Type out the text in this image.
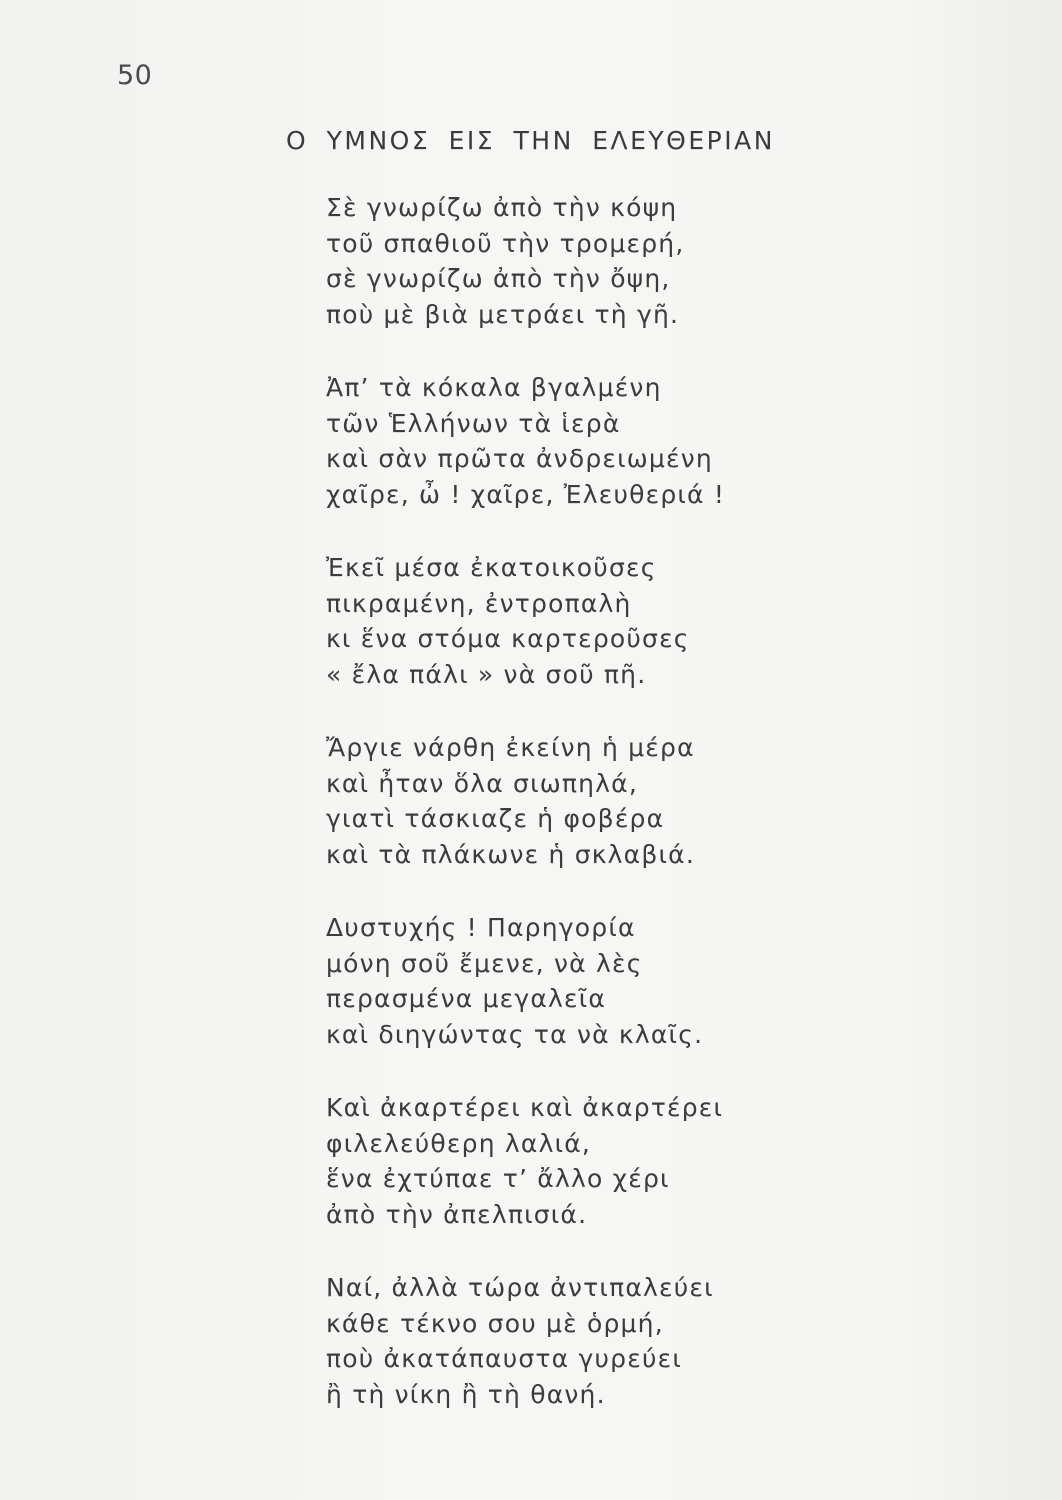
50
Ο ΥΜΝΟΣ ΕΙΣ ΤΗΝ ΕΛΕΥΘΕΡΙΑΝ
Σὲ γνωρίζω ἀπὸ τὴν κόψη
τοῦ σπαθιοῦ τὴν τρομερή,
σὲ γνωρίζω ἀπὸ τὴν ὄψη,
ποὺ μὲ βιὰ μετράει τὴ γῆ.
Ἀπ’ τὰ κόκαλα βγαλμένη
τῶν Ἑλλήνων τὰ ἱερὰ
καὶ σὰν πρῶτα ἀνδρειωμένη
χαῖρε, ὦ ! χαῖρε, Ἐλευθεριά !
Ἐκεῖ μέσα ἐκατοικοῦσες
πικραμένη, ἐντροπαλὴ
κι ἕνα στόμα καρτεροῦσες
« ἔλα πάλι » νὰ σοῦ πῆ.
Ἄργιε νάρθη ἐκείνη ἡ μέρα
καὶ ἦταν ὅλα σιωπηλά,
γιατὶ τάσκιαζε ἡ φοβέρα
καὶ τὰ πλάκωνε ἡ σκλαβιά.
Δυστυχής ! Παρηγορία
μόνη σοῦ ἔμενε, νὰ λὲς
περασμένα μεγαλεῖα
καὶ διηγώντας τα νὰ κλαῖς.
Καὶ ἀκαρτέρει καὶ ἀκαρτέρει
φιλελεύθερη λαλιά,
ἕνα ἐχτύπαε τ’ ἄλλο χέρι
ἀπὸ τὴν ἀπελπισιά.
Ναί, ἀλλὰ τώρα ἀντιπαλεύει
κάθε τέκνο σου μὲ ὁρμή,
ποὺ ἀκατάπαυστα γυρεύει
ἢ τὴ νίκη ἢ τὴ θανή.
